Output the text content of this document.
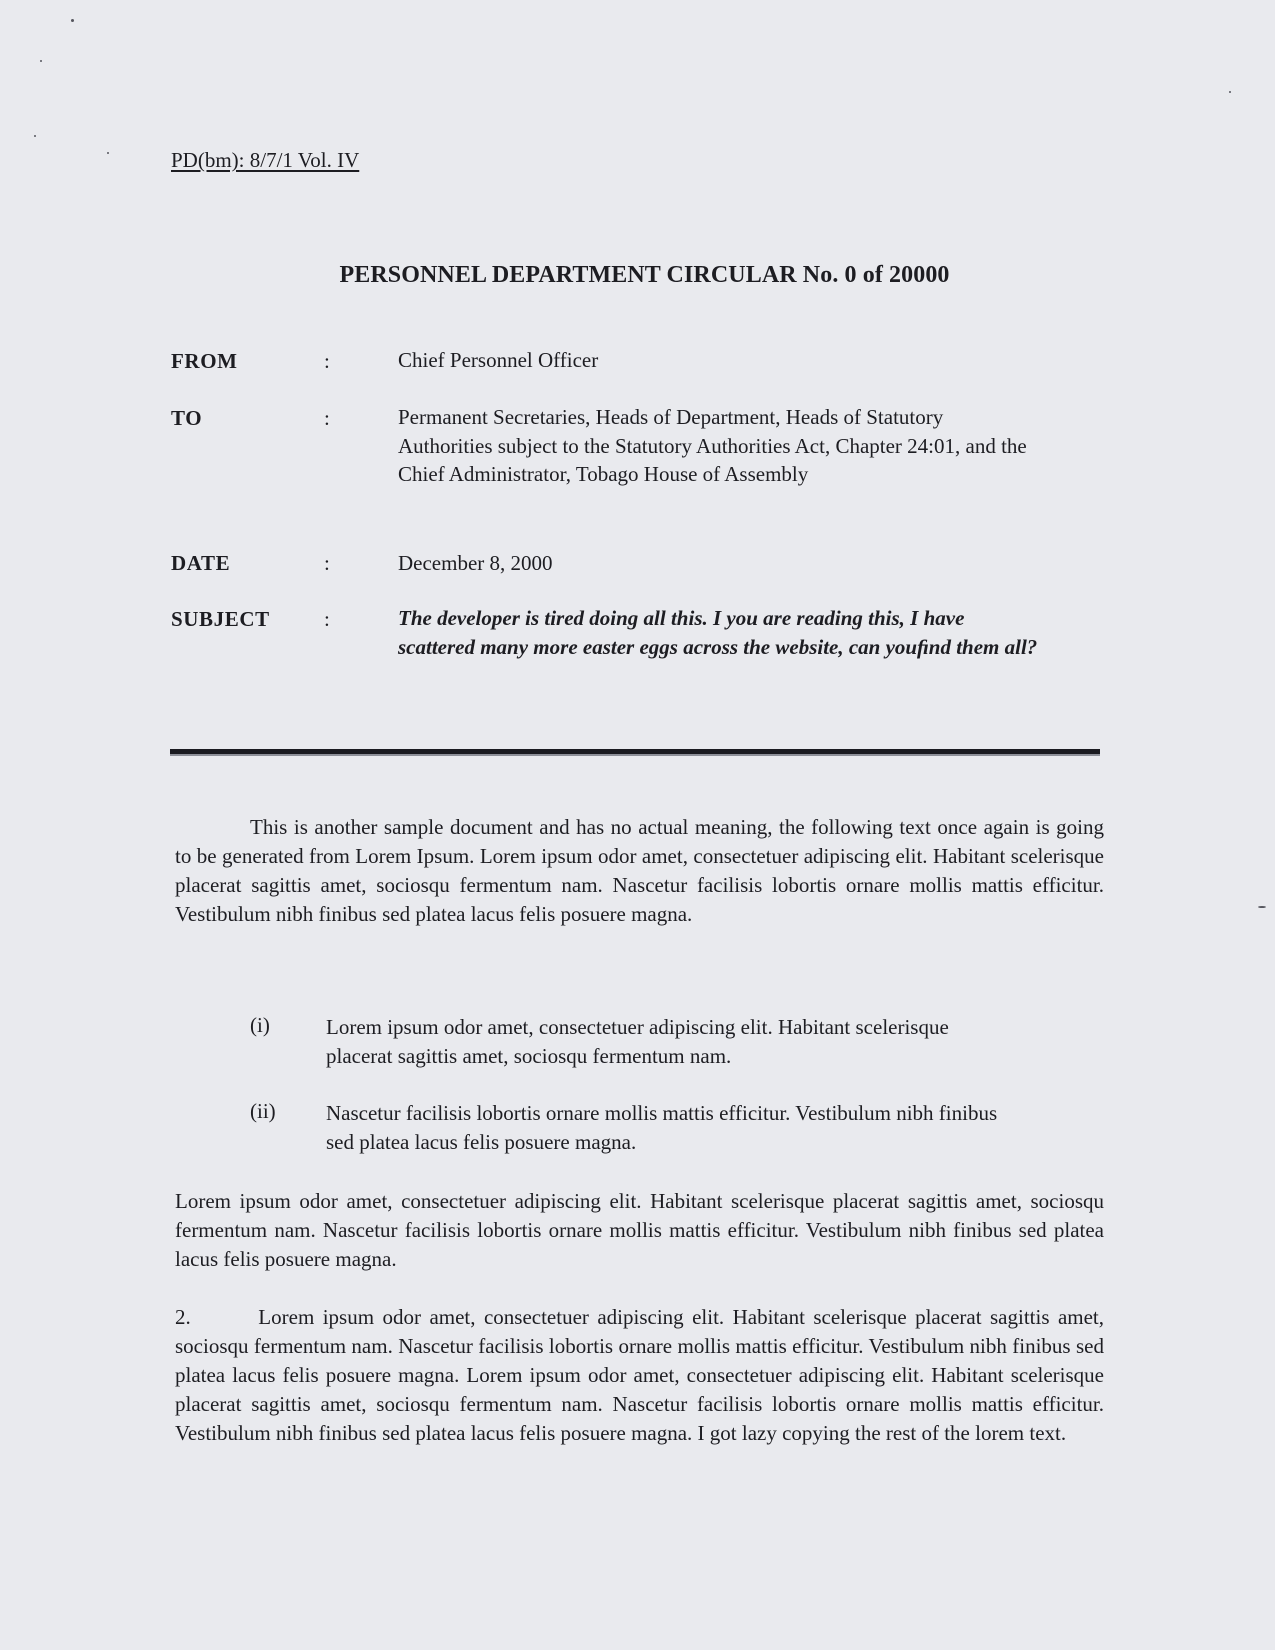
PD(bm): 8/7/1 Vol. IV
PERSONNEL DEPARTMENT CIRCULAR No. 0 of 20000
FROM	:	Chief Personnel Officer
TO	:	Permanent Secretaries, Heads of Department, Heads of Statutory Authorities subject to the Statutory Authorities Act, Chapter 24:01, and the Chief Administrator, Tobago House of Assembly
DATE	:	December 8, 2000
SUBJECT	:	The developer is tired doing all this. I you are reading this, I have scattered many more easter eggs across the website, can youﬁnd them all?
This is another sample document and has no actual meaning, the following text once again is going to be generated from Lorem Ipsum. Lorem ipsum odor amet, consectetuer adipiscing elit. Habitant scelerisque placerat sagittis amet, sociosqu fermentum nam. Nascetur facilisis lobortis ornare mollis mattis efficitur. Vestibulum nibh finibus sed platea lacus felis posuere magna.
(i)	Lorem ipsum odor amet, consectetuer adipiscing elit. Habitant scelerisque placerat sagittis amet, sociosqu fermentum nam.
(ii) Nascetur facilisis lobortis ornare mollis mattis efficitur. Vestibulum nibh finibus sed platea lacus felis posuere magna.
Lorem ipsum odor amet, consectetuer adipiscing elit. Habitant scelerisque placerat sagittis amet, sociosqu fermentum nam. Nascetur facilisis lobortis ornare mollis mattis efficitur. Vestibulum nibh finibus sed platea lacus felis posuere magna.
2.        Lorem ipsum odor amet, consectetuer adipiscing elit. Habitant scelerisque placerat sagittis amet, sociosqu fermentum nam. Nascetur facilisis lobortis ornare mollis mattis efficitur. Vestibulum nibh finibus sed platea lacus felis posuere magna. Lorem ipsum odor amet, consectetuer adipiscing elit. Habitant scelerisque placerat sagittis amet, sociosqu fermentum nam. Nascetur facilisis lobortis ornare mollis mattis efficitur. Vestibulum nibh finibus sed platea lacus felis posuere magna. I got lazy copying the rest of the lorem text.
